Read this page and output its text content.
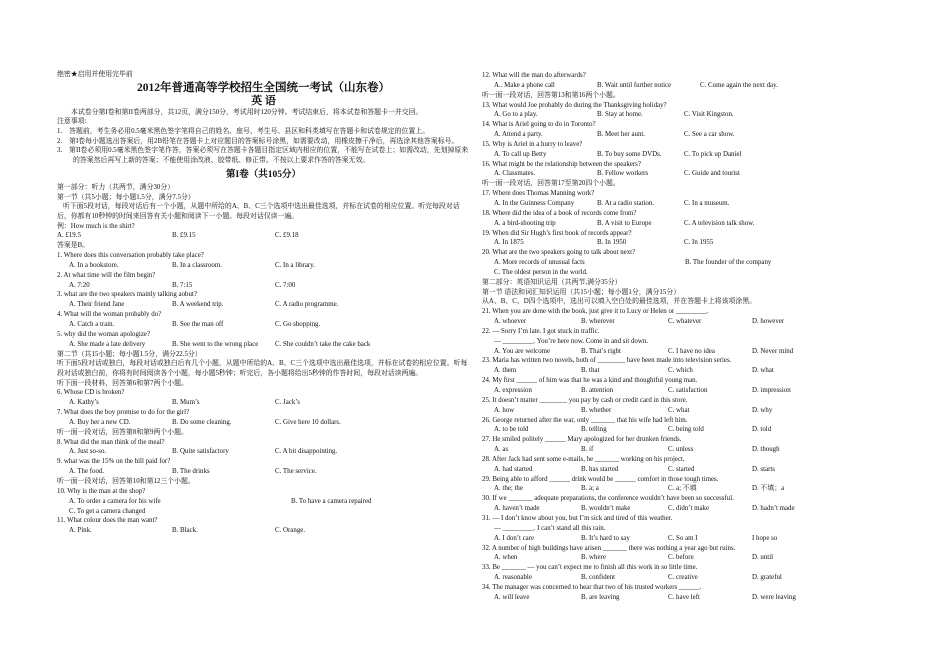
绝密★启用并使用完毕前
2012年普通高等学校招生全国统一考试（山东卷）
英 语
本试卷分第I卷和第II卷两部分，共12页，满分150分，考试用时120分钟。考试结束后，将本试卷和答题卡一并交回。
注意事项:
1.　答题前，考生务必用0.5毫米黑色签字笔将自己的姓名、座号、考生号、县区和科类填写在答题卡和试卷规定的位置上。
2.　第I卷每小题选出答案后，用2B铅笔在答题卡上对应题目的答案标号涂黑，如需要改动，用橡皮擦干净后，再选涂其他答案标号。
3.　第II卷必须用0.5毫米黑色签字笔作答，答案必须写在答题卡各题目指定区域内相应的位置，不能写在试卷上；如需改动，先划掉原来的答案然后再写上新的答案；不能使用涂改液、胶带纸、修正带。不按以上要求作答的答案无效。
第I卷（共105分）
第一部分：听力（共两节，满分30分）
第一节（共5小题；每小题1.5分，满分7.5分）
听下面5段对话，每段对话后有一个小题，从题中所给的A、B、C三个选项中选出最佳选项，并标在试卷的相应位置。听完每段对话后，你都有10秒钟的时间来回答有关小题和阅读下一小题。每段对话仅读一遍。
例：How much is the shirt?
A. £19.5	B. £9.15	C. £9.18
答案是B。
1. Where does this conversation probably take place?
A. In a bookstore.	B. In a classroom.	C. In a library.
2. At what time will the film begin?
A. 7:20	B. 7:15	C. 7:00
3. what are the two speakers mainly talking aobut?
A. Their friend Jane	B. A weekend trip.	C. A radio programme.
4. What will the woman probably do?
A. Catch a train.	B. See the man off	C. Go shopping.
5. why did the woman apologize?
A. She made a late delivery	B. She went to the wrong place	C. She couldn’t take the cake back
第二节（共15小题；每小题1.5分，满分22.5分）
听下面5段对话或独白，每段对话或独白后有几个小题，从题中所给的A、B、C三个选项中选出最佳选项，并标在试卷的相应位置。听每段对话或独白前，你将有时间阅读各个小题，每小题5秒钟；听完后，各小题将给出5秒钟的作答时间，每段对话读两遍。
听下面一段材料，回答第6和第7两个小题。
6. Whose CD is broken?
A. Kathy’s	B. Mum’s	C. Jack’s
7. What does the boy promise to do for the girl?
A. Buy her a new CD.	B. Do some cleaning.	C. Give here 10 dollars.
听一面一段对话，回答第8和第9两个小题。
8. What did the man think of the meal?
A. Just so-so.	B. Quite satisfactory	C. A bit disappointing.
9. what was the 15% on the bill paid for?
A. The food.	B. The drinks	C. The service.
听一面一段对话，回答第10和第12三个小题。
10. Why is the man at the shop?
A. To order a camera for his wife	B. To have a camera repaired
C. To get a camera changed
11. What colour does the man want?
A. Pink.	B. Black.	C. Orange.
12. What will the man do afterwards?
A.. Make a phone call	B. Wait until further notice	C. Come again the next day.
听一面一段对话，回答第13和第16两个小题。
13. What would Joe probably do during the Thanksgiving holiday?
A. Go to a play.	B. Stay at home.	C. Visit Kingston.
14. What is Ariel going to do in Toronto?
A. Attend a party.	B. Meet her aunt.	C. See a car show.
15. Why is Ariel in a hurry to leave?
A. To call up Betty	B. To buy some DVDs.	C. To pick up Daniel
16. What might be the relationship between the speakers?
A. Classmates.	B. Fellow workers	C. Guide and tourist
听一面一段对话，回答第17至第20四个小题。
17. Where does Thomas Manning work?
A. In the Guinness Company	B. At a radio station.	C. In a museum.
18. Where did the idea of a book of records come from?
A. a bird-shooting trip	B. A visit to Europe	C. A television talk show.
19. When did Sir Hugh’s first book of records appear?
A. In 1875	B. In 1950	C. In 1955
20. What are the two speakers going to talk about next?
A. More records of unusual facts	B. The founder of the company
C. The oldest person in the world.
第二部分：英语知识运用（共两节,满分35分）
第一节 语法和词汇知识运用（共15小题；每小题1分，满分15分）
从A、B、C、D四个选项中，选出可以填入空白处的最佳选项，并在答题卡上将该项涂黑。
21. When you are done with the book, just give it to Lucy or Helen or _________.
A. whoever	B. wherever	C. whatever	D. however
22. — Sorry I’m late. I got stuck in traffic.
— _________. You’re here now. Come in and sit down.
A. You are welcome	B. That’s right	C. I have no idea	D. Never mind
23. Maria has written two novels, both of ________ have been made into television series.
A. them	B. that	C. which	D. what
24. My first ______ of him was that he was a kind and thoughtful young man.
A. expression	B. attention	C. satisfaction	D. impression
25. It doesn’t matter ________ you pay by cash or credit card in this store.
A. how	B. whether	C. what	D. why
26. George returned after the war, only _______ that his wife had left him.
A. to be told	B. telling	C. being told	D. told
27. He smiled politely ______ Mary apologized for her drunken friends.
A. as	B. if	C. unless	D. though
28. After Jack had sent some e-mails, he _______ working on his project.
A. had started	B. has started	C. started	D. starts
29. Being able to afford ______ drink would be ______ comfort in those tough times.
A. the; the	B. a; a	C. a; 不填	D. 不填；a
30. If we _______ adequate preparations, the conference wouldn’t have been so successful.
A. haven’t made	B. wouldn’t make	C. didn’t make	D. hadn’t made
31. — I don’t know about you, but I’m sick and tired of this weather.
— _________. I can’t stand all this rain.
A. I don’t care	B. It’s hard to say	C. So am I	I hope so
32. A number of high buildings have arisen _______ there was nothing a year ago but ruins.
A. when	B. where	C. before	D. until
33. Be _______ — you can’t expect me to finish all this work in so little time.
A. reasonable	B. confident	C. creative	D. grateful
34. The manager was concerned to hear that two of his trusted workers ______.
A. will leave	B. are leaving	C. have left	D. were leaving
